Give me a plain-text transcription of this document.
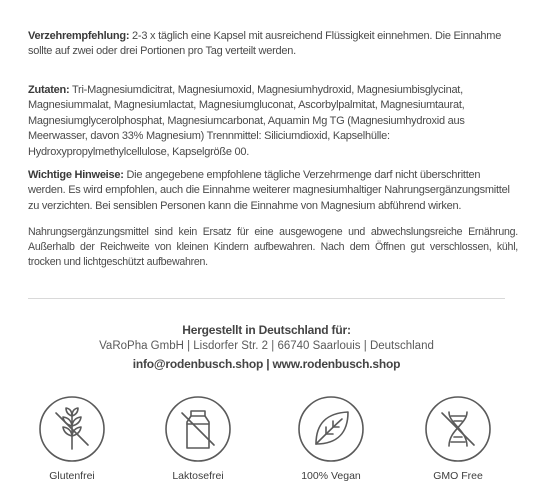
Verzehrempfehlung: 2-3 x täglich eine Kapsel mit ausreichend Flüssigkeit einnehmen. Die Einnahme sollte auf zwei oder drei Portionen pro Tag verteilt werden.
Zutaten: Tri-Magnesiumdicitrat, Magnesiumoxid, Magnesiumhydroxid, Magnesiumbisglycinat, Magnesiummalat, Magnesiumlactat, Magnesiumgluconat, Ascorbylpalmitat, Magnesiumtaurat, Magnesiumglycerolphosphat, Magnesiumcarbonat, Aquamin Mg TG (Magnesiumhydroxid aus Meerwasser, davon 33% Magnesium) Trennmittel: Siliciumdioxid, Kapselhülle: Hydroxypropylmethylcellulose, Kapselgröße 00.
Wichtige Hinweise: Die angegebene empfohlene tägliche Verzehrmenge darf nicht überschritten werden. Es wird empfohlen, auch die Einnahme weiterer magnesiumhaltiger Nahrungsergänzungsmittel zu verzichten. Bei sensiblen Personen kann die Einnahme von Magnesium abführend wirken.
Nahrungsergänzungsmittel sind kein Ersatz für eine ausgewogene und abwechslungsreiche Ernährung. Außerhalb der Reichweite von kleinen Kindern aufbewahren. Nach dem Öffnen gut verschlossen, kühl, trocken und lichtgeschützt aufbewahren.
Hergestellt in Deutschland für:
VaRoPha GmbH | Lisdorfer Str. 2 | 66740 Saarlouis | Deutschland
info@rodenbusch.shop | www.rodenbusch.shop
Glutenfrei	Laktosefrei	100% Vegan	GMO Free
